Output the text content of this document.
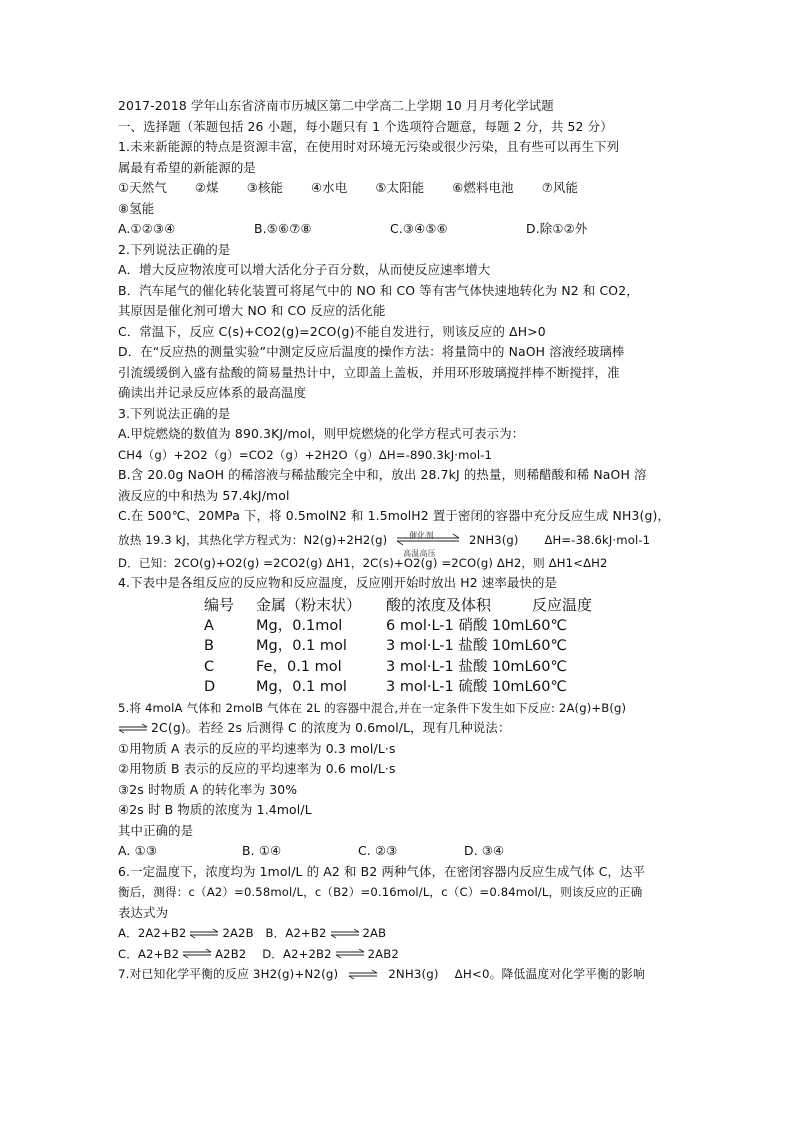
2017-2018 学年山东省济南市历城区第二中学高二上学期 10 月月考化学试题
一、选择题（苯题包括 26 小题，每小题只有 1 个选项符合题意，每题 2 分，共 52 分）
1.未来新能源的特点是资源丰富，在使用时对环境无污染或很少污染，且有些可以再生下列
属最有希望的新能源的是
①天然气 ②煤 ③核能 ④水电 ⑤太阳能 ⑥燃料电池 ⑦风能
⑧氢能
A.①②③④	B.⑤⑥⑦⑧	C.③④⑤⑥	D.除①②外
2.下列说法正确的是
A．增大反应物浓度可以增大活化分子百分数，从而使反应速率增大
B．汽车尾气的催化转化装置可将尾气中的 NO 和 CO 等有害气体快速地转化为 N2 和 CO2，
其原因是催化剂可增大 NO 和 CO 反应的活化能
C．常温下，反应 C(s)+CO2(g)=2CO(g)不能自发进行，则该反应的 ΔH>0
D．在“反应热的测量实验”中测定反应后温度的操作方法：将量筒中的 NaOH 溶液经玻璃棒
引流缓缓倒入盛有盐酸的简易量热计中，立即盖上盖板，并用环形玻璃搅拌棒不断搅拌，准
确读出并记录反应体系的最高温度
3.下列说法正确的是
A.甲烷燃烧的数值为 890.3KJ/mol，则甲烷燃烧的化学方程式可表示为：
CH4（g）+2O2（g）=CO2（g）+2H2O（g）ΔH=-890.3kJ·mol-1
B.含 20.0g NaOH 的稀溶液与稀盐酸完全中和，放出 28.7kJ 的热量，则稀醋酸和稀 NaOH 溶
液反应的中和热为 57.4kJ/mol
C.在 500℃、20MPa 下，将 0.5molN2 和 1.5molH2 置于密闭的容器中充分反应生成 NH3(g)，
放热 19.3 kJ，其热化学方程式为：N2(g)+2H2(g)	催化剂
高温高压
2NH3(g) ΔH=-38.6kJ·mol-1
D．已知：2CO(g)+O2(g) =2CO2(g) ΔH1，2C(s)+O2(g) =2CO(g) ΔH2，则 ΔH1<ΔH2
4.下表中是各组反应的反应物和反应温度，反应刚开始时放出 H2 速率最快的是
编号	金属（粉末状）	酸的浓度及体积	反应温度
A	Mg，0.1mol	6 mol·L-1 硝酸 10mL 60℃
B	Mg，0.1 mol	3 mol·L-1 盐酸 10mL 60℃
C	Fe，0.1 mol	3 mol·L-1 盐酸 10mL 60℃
D	Mg，0.1 mol	3 mol·L-1 硫酸 10mL 60℃
5.将 4molA 气体和 2molB 气体在 2L 的容器中混合,并在一定条件下发生如下反应: 2A(g)+B(g)
⇌ 2C(g)。若经 2s 后测得 C 的浓度为 0.6mol/L，现有几种说法：
①用物质 A 表示的反应的平均速率为 0.3 mol/L·s
②用物质 B 表示的反应的平均速率为 0.6 mol/L·s
③2s 时物质 A 的转化率为 30%
④2s 时 B 物质的浓度为 1.4mol/L
其中正确的是
A. ①③	B. ①④	C. ②③	D. ③④
6.一定温度下，浓度均为 1mol/L 的 A2 和 B2 两种气体，在密闭容器内反应生成气体 C，达平
衡后，测得：c（A2）=0.58mol/L，c（B2）=0.16mol/L，c（C）=0.84mol/L，则该反应的正确
表达式为
A．2A2+B2 ⇌ 2A2B B．A2+B2 ⇌ 2AB
C．A2+B2 ⇌ A2B2 D．A2+2B2 ⇌ 2AB2
7.对已知化学平衡的反应 3H2(g)+N2(g) ⇌ 2NH3(g) ΔH<0。降低温度对化学平衡的影响
